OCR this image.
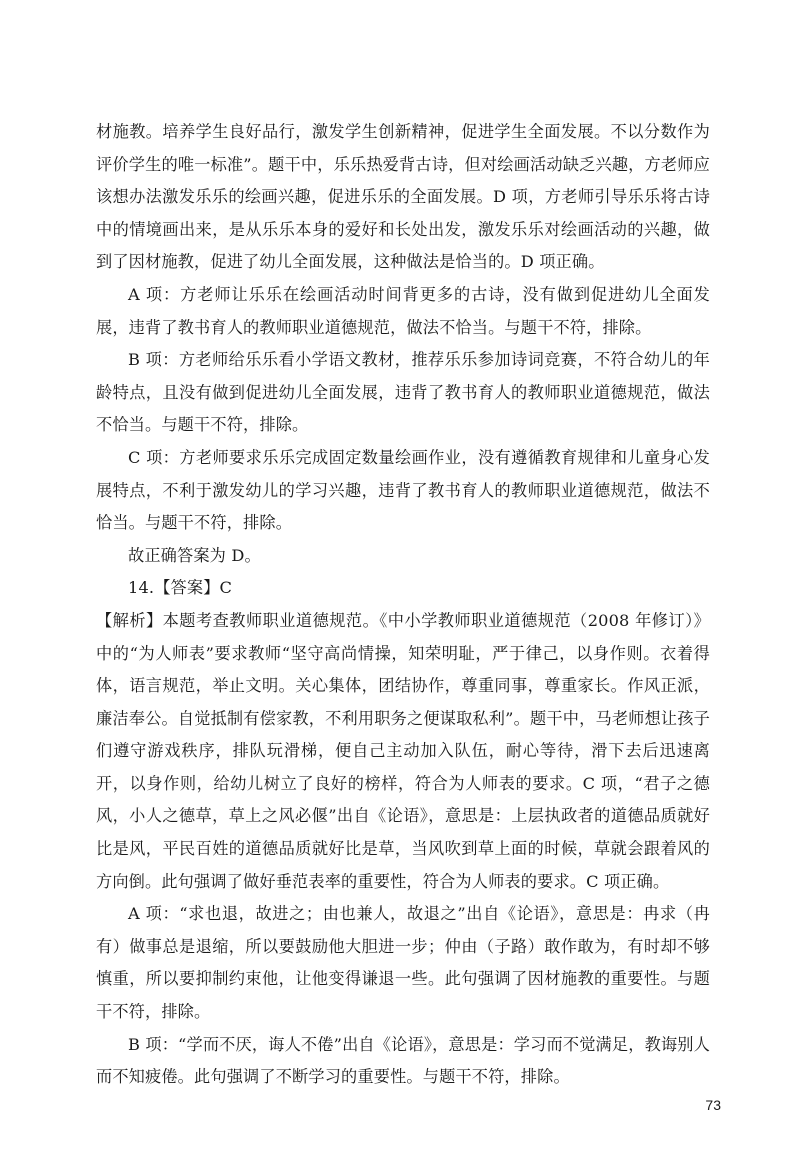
材施教。培养学生良好品行，激发学生创新精神，促进学生全面发展。不以分数作为评价学生的唯一标准”。题干中，乐乐热爱背古诗，但对绘画活动缺乏兴趣，方老师应该想办法激发乐乐的绘画兴趣，促进乐乐的全面发展。D 项，方老师引导乐乐将古诗中的情境画出来，是从乐乐本身的爱好和长处出发，激发乐乐对绘画活动的兴趣，做到了因材施教，促进了幼儿全面发展，这种做法是恰当的。D 项正确。

A 项：方老师让乐乐在绘画活动时间背更多的古诗，没有做到促进幼儿全面发展，违背了教书育人的教师职业道德规范，做法不恰当。与题干不符，排除。

B 项：方老师给乐乐看小学语文教材，推荐乐乐参加诗词竞赛，不符合幼儿的年龄特点，且没有做到促进幼儿全面发展，违背了教书育人的教师职业道德规范，做法不恰当。与题干不符，排除。

C 项：方老师要求乐乐完成固定数量绘画作业，没有遵循教育规律和儿童身心发展特点，不利于激发幼儿的学习兴趣，违背了教书育人的教师职业道德规范，做法不恰当。与题干不符，排除。

故正确答案为 D。

14.【答案】C

【解析】本题考查教师职业道德规范。《中小学教师职业道德规范（2008 年修订）》中的“为人师表”要求教师“坚守高尚情操，知荣明耻，严于律己，以身作则。衣着得体，语言规范，举止文明。关心集体，团结协作，尊重同事，尊重家长。作风正派，廉洁奉公。自觉抵制有偿家教，不利用职务之便谋取私利”。题干中，马老师想让孩子们遵守游戏秩序，排队玩滑梯，便自己主动加入队伍，耐心等待，滑下去后迅速离开，以身作则，给幼儿树立了良好的榜样，符合为人师表的要求。C 项，“君子之德风，小人之德草，草上之风必偃”出自《论语》，意思是：上层执政者的道德品质就好比是风，平民百姓的道德品质就好比是草，当风吹到草上面的时候，草就会跟着风的方向倒。此句强调了做好垂范表率的重要性，符合为人师表的要求。C 项正确。

A 项：“求也退，故进之；由也兼人，故退之”出自《论语》，意思是：冉求（冉有）做事总是退缩，所以要鼓励他大胆进一步；仲由（子路）敢作敢为，有时却不够慎重，所以要抑制约束他，让他变得谦退一些。此句强调了因材施教的重要性。与题干不符，排除。

B 项：“学而不厌，诲人不倦”出自《论语》，意思是：学习而不觉满足，教诲别人而不知疲倦。此句强调了不断学习的重要性。与题干不符，排除。

73
